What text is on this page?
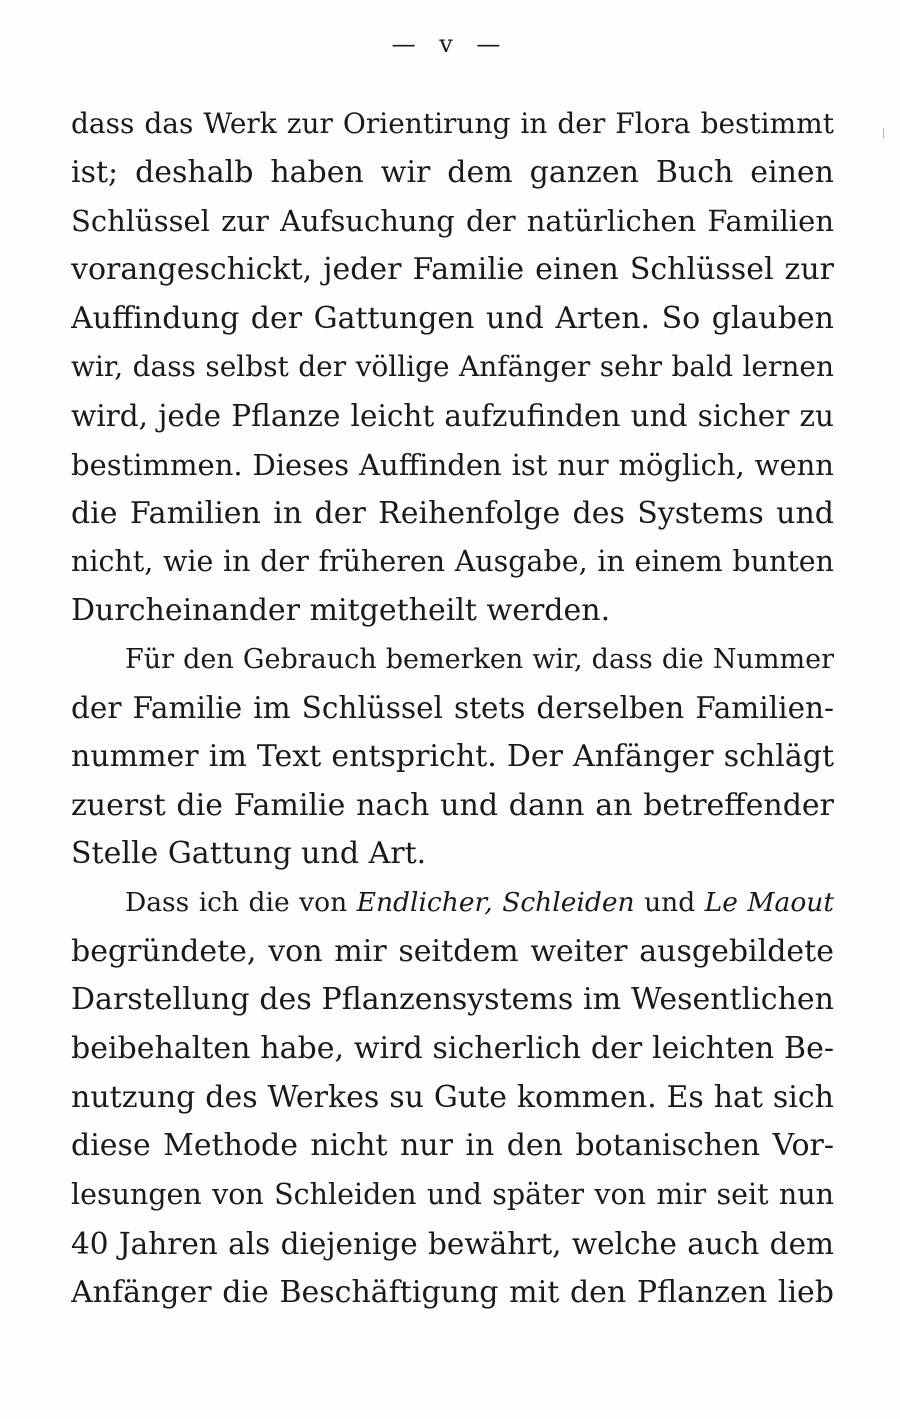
— v —
dass das Werk zur Orientirung in der Flora bestimmt
ist; deshalb haben wir dem ganzen Buch einen
Schlüssel zur Aufsuchung der natürlichen Familien
vorangeschickt, jeder Familie einen Schlüssel zur
Auffindung der Gattungen und Arten. So glauben
wir, dass selbst der völlige Anfänger sehr bald lernen
wird, jede Pflanze leicht aufzufinden und sicher zu
bestimmen. Dieses Auffinden ist nur möglich, wenn
die Familien in der Reihenfolge des Systems und
nicht, wie in der früheren Ausgabe, in einem bunten
Durcheinander mitgetheilt werden.
Für den Gebrauch bemerken wir, dass die Nummer
der Familie im Schlüssel stets derselben Familien-
nummer im Text entspricht. Der Anfänger schlägt
zuerst die Familie nach und dann an betreffender
Stelle Gattung und Art.
Dass ich die von Endlicher, Schleiden und Le Maout
begründete, von mir seitdem weiter ausgebildete
Darstellung des Pflanzensystems im Wesentlichen
beibehalten habe, wird sicherlich der leichten Be-
nutzung des Werkes su Gute kommen. Es hat sich
diese Methode nicht nur in den botanischen Vor-
lesungen von Schleiden und später von mir seit nun
40 Jahren als diejenige bewährt, welche auch dem
Anfänger die Beschäftigung mit den Pflanzen lieb
